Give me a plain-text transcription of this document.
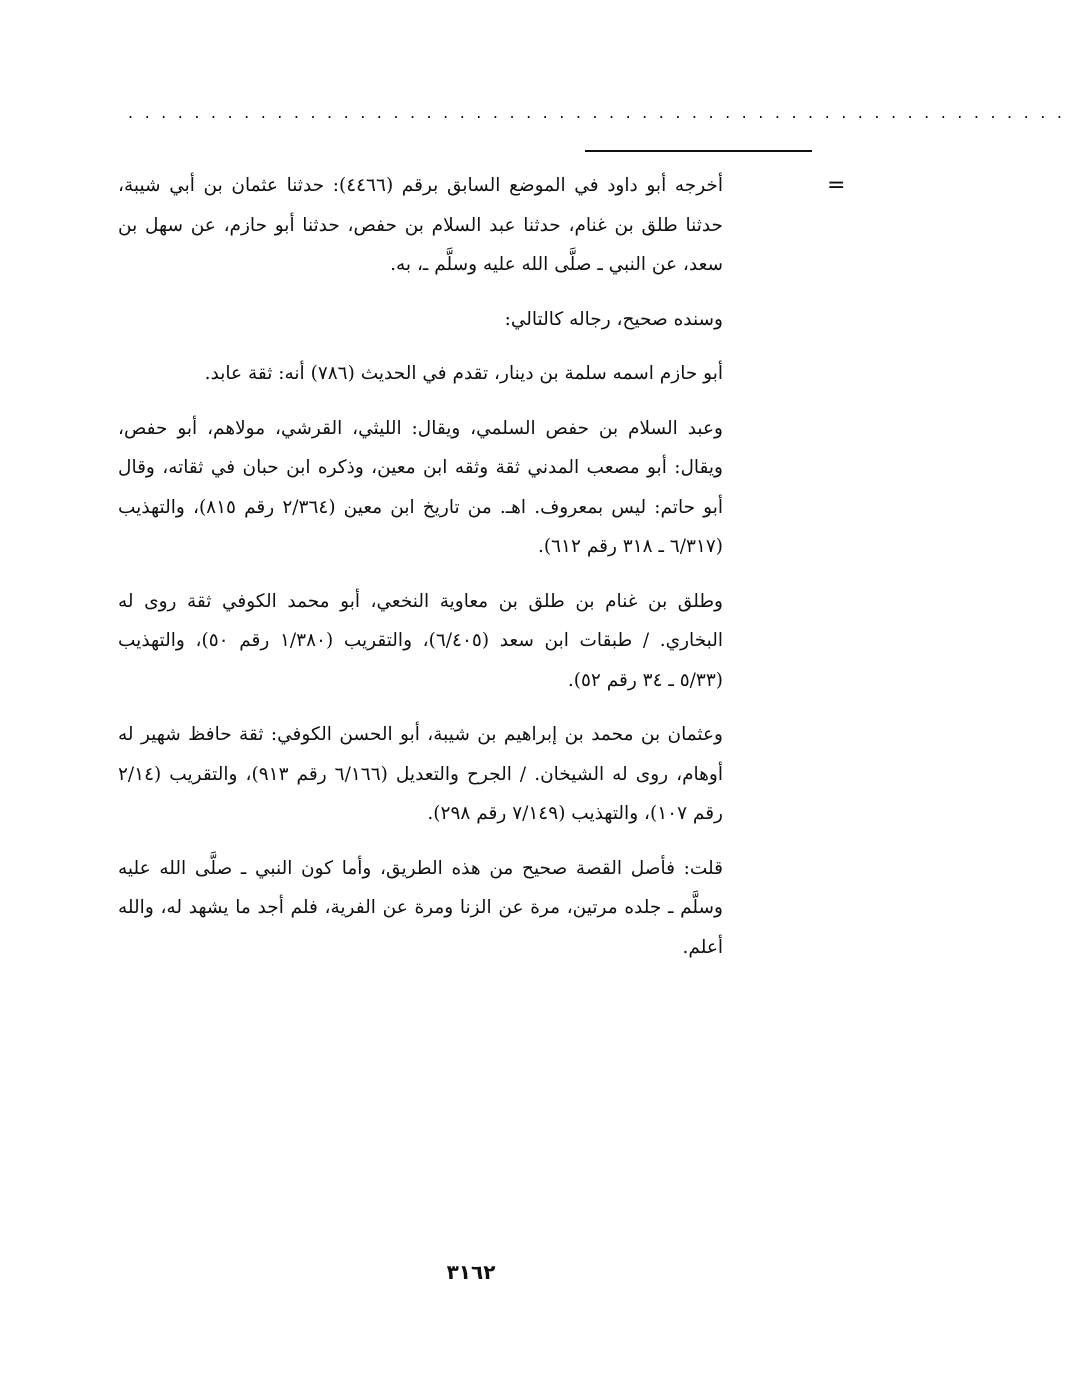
.........................................................
=

أخرجه أبو داود في الموضع السابق برقم (٤٤٦٦): حدثنا عثمان بن أبي شيبة، حدثنا طلق بن غنام، حدثنا عبد السلام بن حفص، حدثنا أبو حازم، عن سهل بن سعد، عن النبي ـ صلَّى الله عليه وسلَّم ـ، به.

وسنده صحيح، رجاله كالتالي:

أبو حازم اسمه سلمة بن دينار، تقدم في الحديث (٧٨٦) أنه: ثقة عابد.

وعبد السلام بن حفص السلمي، ويقال: الليثي، القرشي، مولاهم، أبو حفص، ويقال: أبو مصعب المدني ثقة وثقه ابن معين، وذكره ابن حبان في ثقاته، وقال أبو حاتم: ليس بمعروف. اهـ. من تاريخ ابن معين (٢/٣٦٤ رقم ٨١٥)، والتهذيب (٦/٣١٧ ـ ٣١٨ رقم ٦١٢).

وطلق بن غنام بن طلق بن معاوية النخعي، أبو محمد الكوفي ثقة روى له البخاري. / طبقات ابن سعد (٦/٤٠٥)، والتقريب (١/٣٨٠ رقم ٥٠)، والتهذيب (٥/٣٣ ـ ٣٤ رقم ٥٢).

وعثمان بن محمد بن إبراهيم بن شيبة، أبو الحسن الكوفي: ثقة حافظ شهير له أوهام، روى له الشيخان. / الجرح والتعديل (٦/١٦٦ رقم ٩١٣)، والتقريب (٢/١٤ رقم ١٠٧)، والتهذيب (٧/١٤٩ رقم ٢٩٨).

قلت: فأصل القصة صحيح من هذه الطريق، وأما كون النبي ـ صلَّى الله عليه وسلَّم ـ جلده مرتين، مرة عن الزنا ومرة عن الفرية، فلم أجد ما يشهد له، والله أعلم.

٣١٦٢
